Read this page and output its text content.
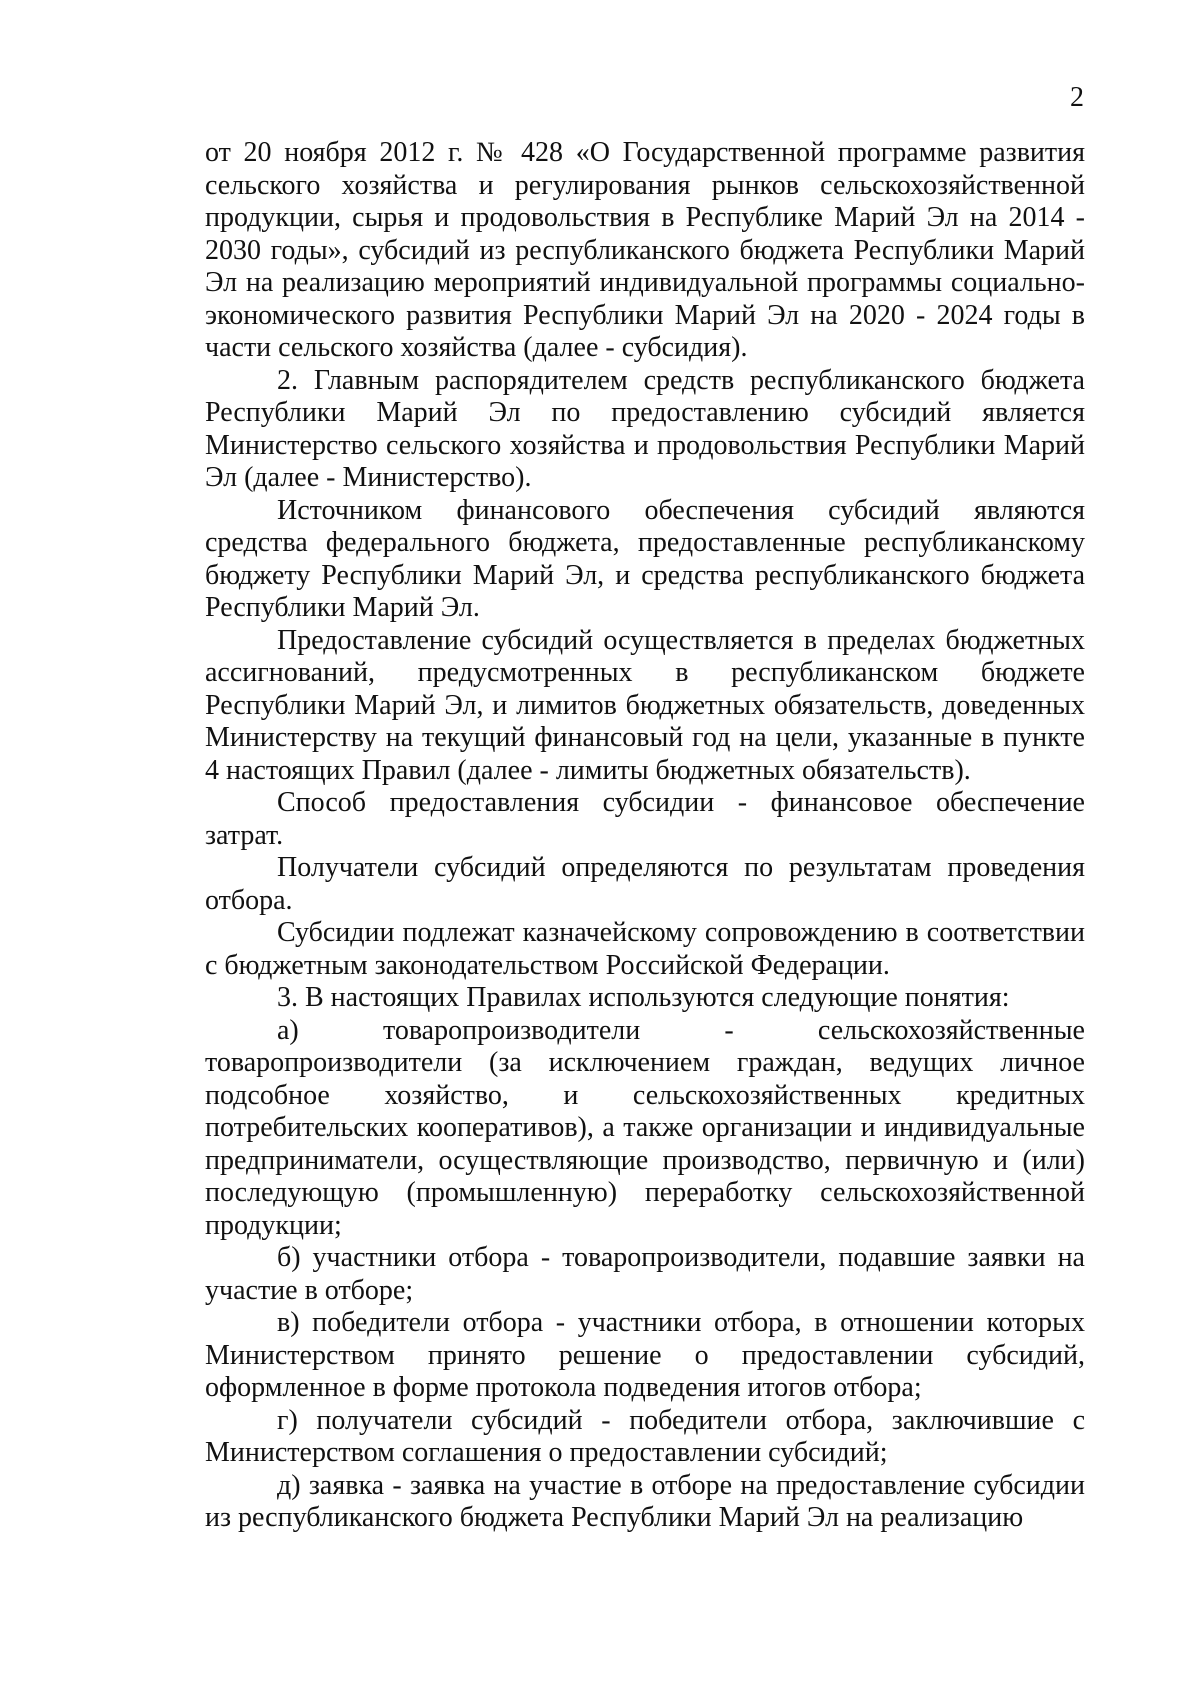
2

от 20 ноября 2012 г. № 428 «О Государственной программе развития сельского хозяйства и регулирования рынков сельскохозяйственной продукции, сырья и продовольствия в Республике Марий Эл на 2014 - 2030 годы», субсидий из республиканского бюджета Республики Марий Эл на реализацию мероприятий индивидуальной программы социально-экономического развития Республики Марий Эл на 2020 - 2024 годы в части сельского хозяйства (далее - субсидия).

2. Главным распорядителем средств республиканского бюджета Республики Марий Эл по предоставлению субсидий является Министерство сельского хозяйства и продовольствия Республики Марий Эл (далее - Министерство).

Источником финансового обеспечения субсидий являются средства федерального бюджета, предоставленные республиканскому бюджету Республики Марий Эл, и средства республиканского бюджета Республики Марий Эл.

Предоставление субсидий осуществляется в пределах бюджетных ассигнований, предусмотренных в республиканском бюджете Республики Марий Эл, и лимитов бюджетных обязательств, доведенных Министерству на текущий финансовый год на цели, указанные в пункте 4 настоящих Правил (далее - лимиты бюджетных обязательств).

Способ предоставления субсидии - финансовое обеспечение затрат.

Получатели субсидий определяются по результатам проведения отбора.

Субсидии подлежат казначейскому сопровождению в соответствии с бюджетным законодательством Российской Федерации.

3. В настоящих Правилах используются следующие понятия:

а) товаропроизводители - сельскохозяйственные товаропроизводители (за исключением граждан, ведущих личное подсобное хозяйство, и сельскохозяйственных кредитных потребительских кооперативов), а также организации и индивидуальные предприниматели, осуществляющие производство, первичную и (или) последующую (промышленную) переработку сельскохозяйственной продукции;

б) участники отбора - товаропроизводители, подавшие заявки на участие в отборе;

в) победители отбора - участники отбора, в отношении которых Министерством принято решение о предоставлении субсидий, оформленное в форме протокола подведения итогов отбора;

г) получатели субсидий - победители отбора, заключившие с Министерством соглашения о предоставлении субсидий;

д) заявка - заявка на участие в отборе на предоставление субсидии из республиканского бюджета Республики Марий Эл на реализацию
